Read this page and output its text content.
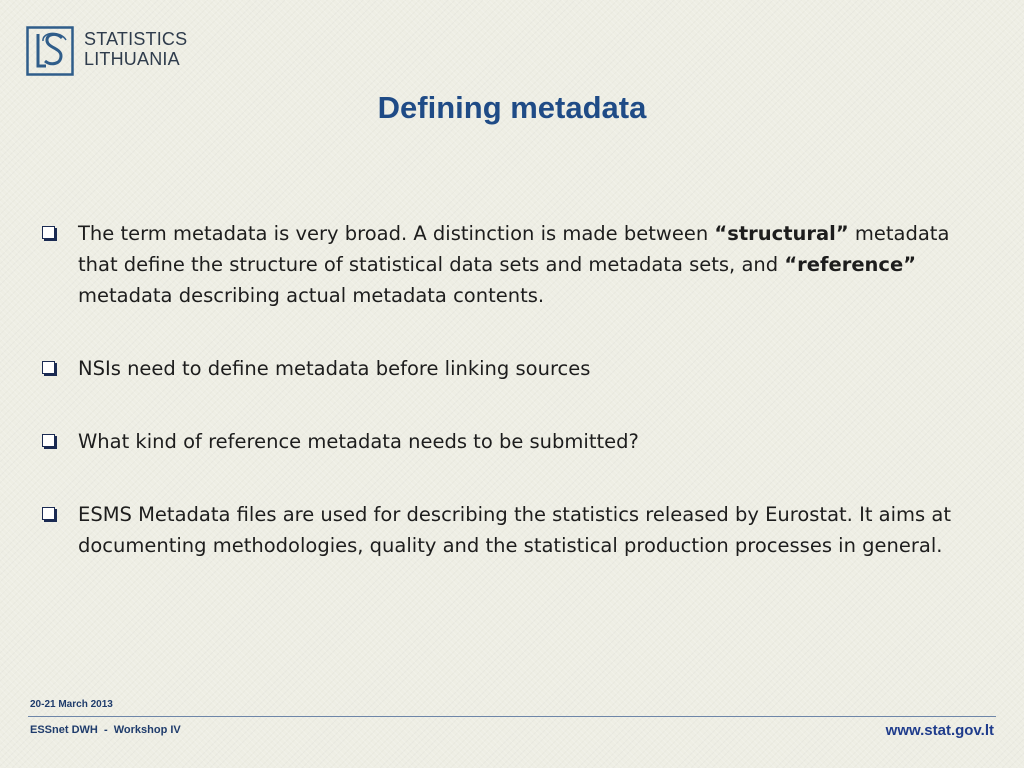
STATISTICS
LITHUANIA
Defining metadata
The term metadata is very broad. A distinction is made between “structural” metadata that define the structure of statistical data sets and metadata sets, and “reference” metadata describing actual metadata contents.
NSIs need to define metadata before linking sources
What kind of reference metadata needs to be submitted?
ESMS Metadata files are used for describing the statistics released by Eurostat. It aims at documenting methodologies, quality and the statistical production processes in general.
20-21 March 2013
ESSnet DWH  -  Workshop IV	www.stat.gov.lt
